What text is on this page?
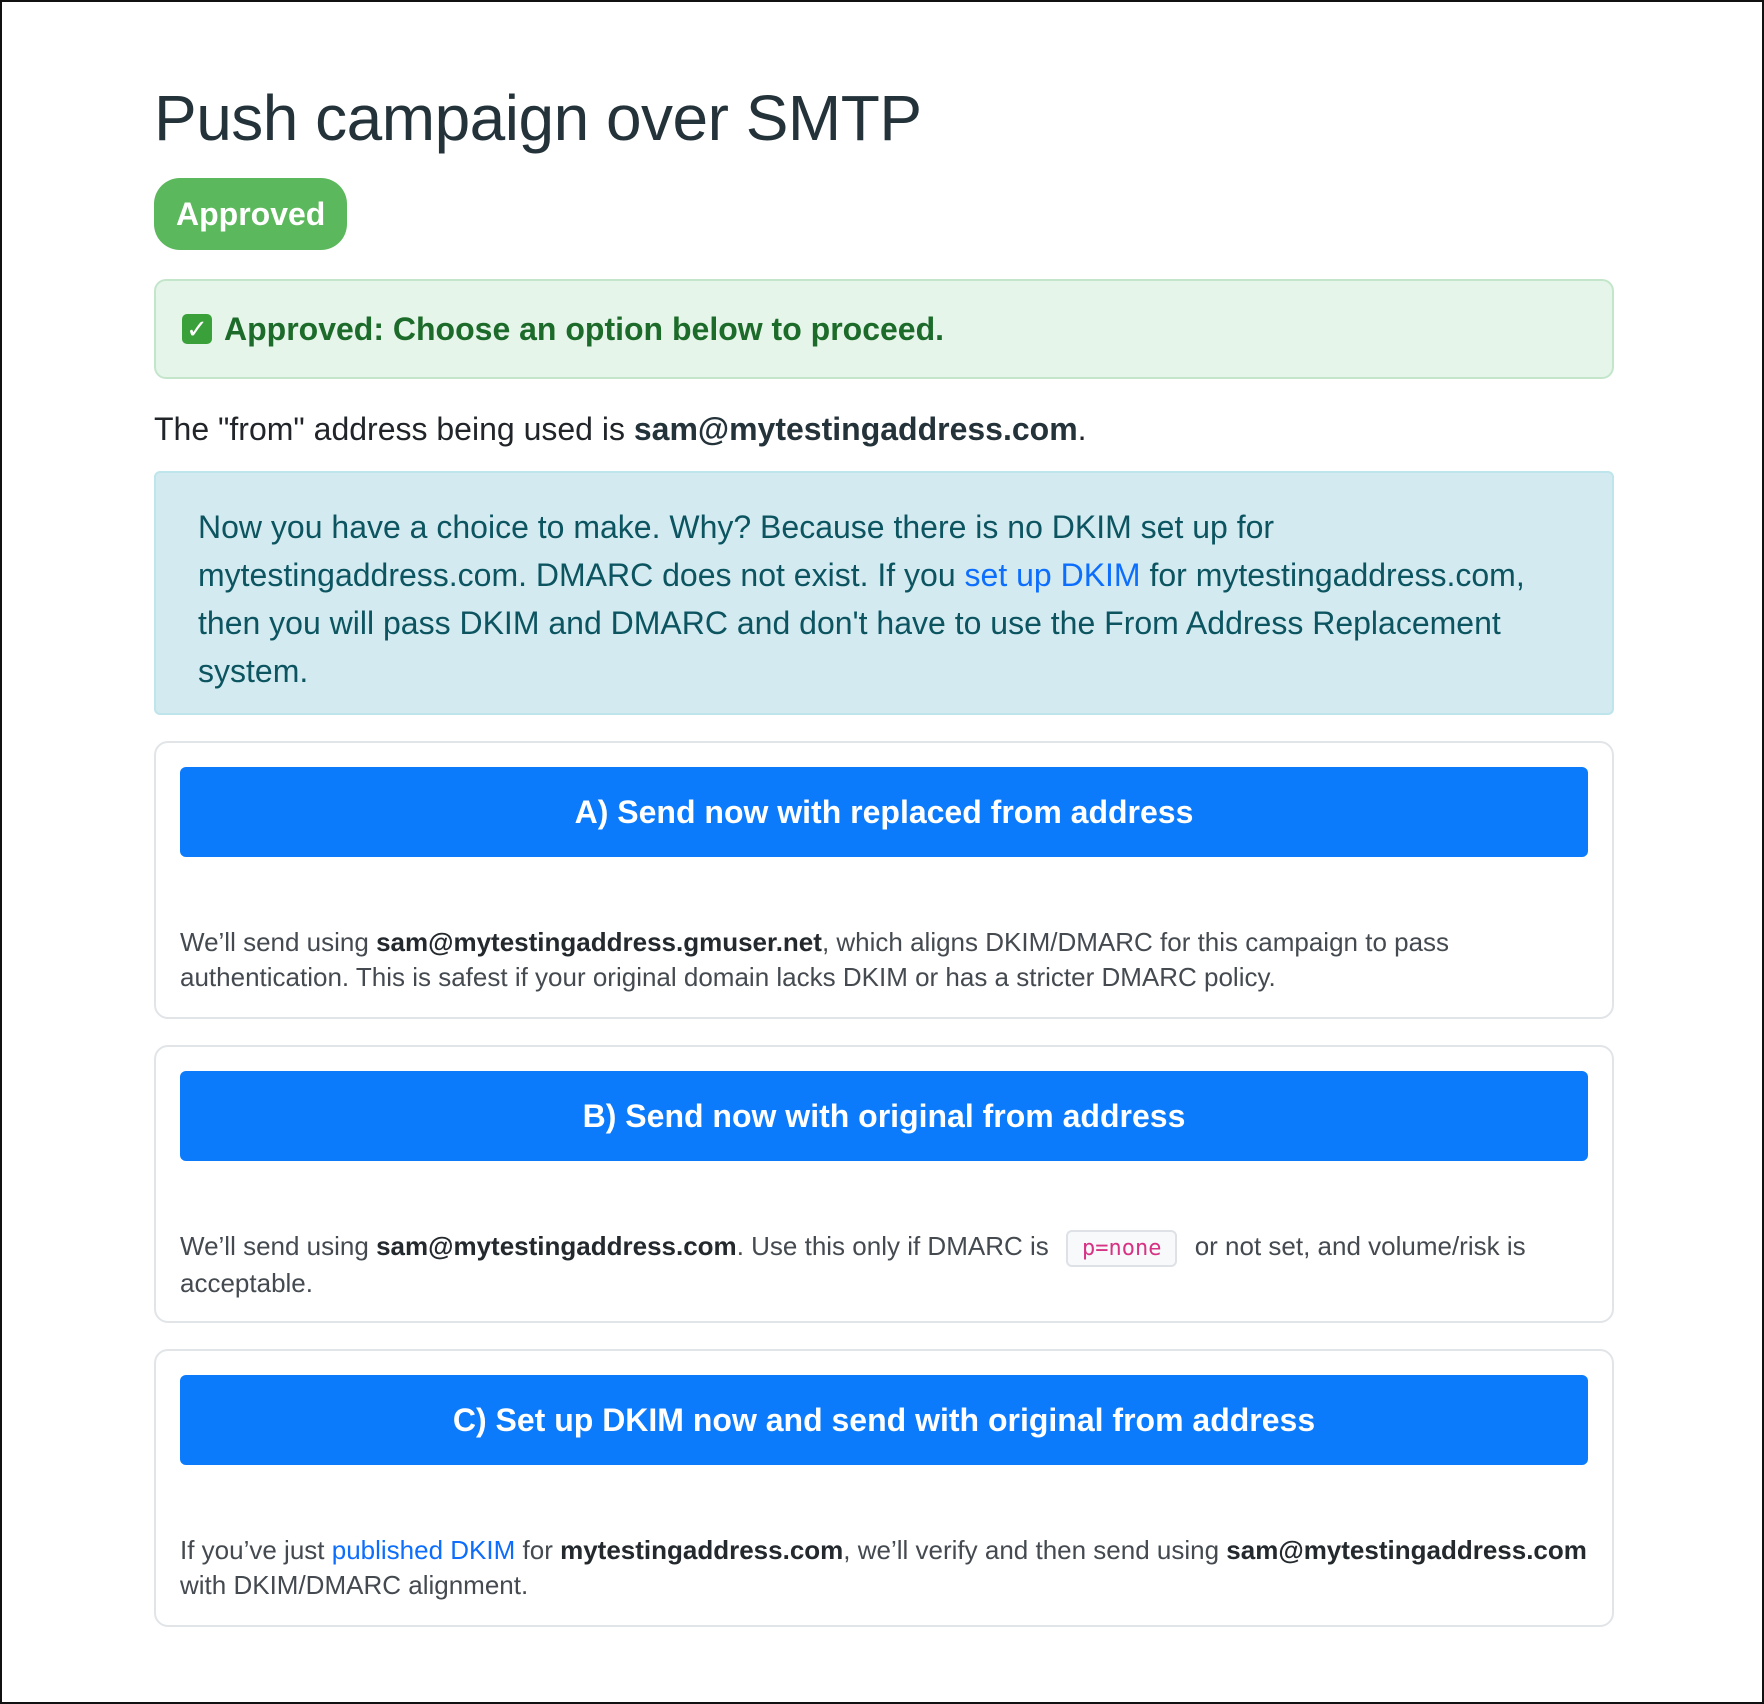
Push campaign over SMTP
Approved
✓ Approved: Choose an option below to proceed.
The "from" address being used is sam@mytestingaddress.com.
Now you have a choice to make. Why? Because there is no DKIM set up for mytestingaddress.com. DMARC does not exist. If you set up DKIM for mytestingaddress.com, then you will pass DKIM and DMARC and don't have to use the From Address Replacement system.
A) Send now with replaced from address
We’ll send using sam@mytestingaddress.gmuser.net, which aligns DKIM/DMARC for this campaign to pass authentication. This is safest if your original domain lacks DKIM or has a stricter DMARC policy.
B) Send now with original from address
We’ll send using sam@mytestingaddress.com. Use this only if DMARC is p=none or not set, and volume/risk is acceptable.
C) Set up DKIM now and send with original from address
If you’ve just published DKIM for mytestingaddress.com, we’ll verify and then send using sam@mytestingaddress.com with DKIM/DMARC alignment.
